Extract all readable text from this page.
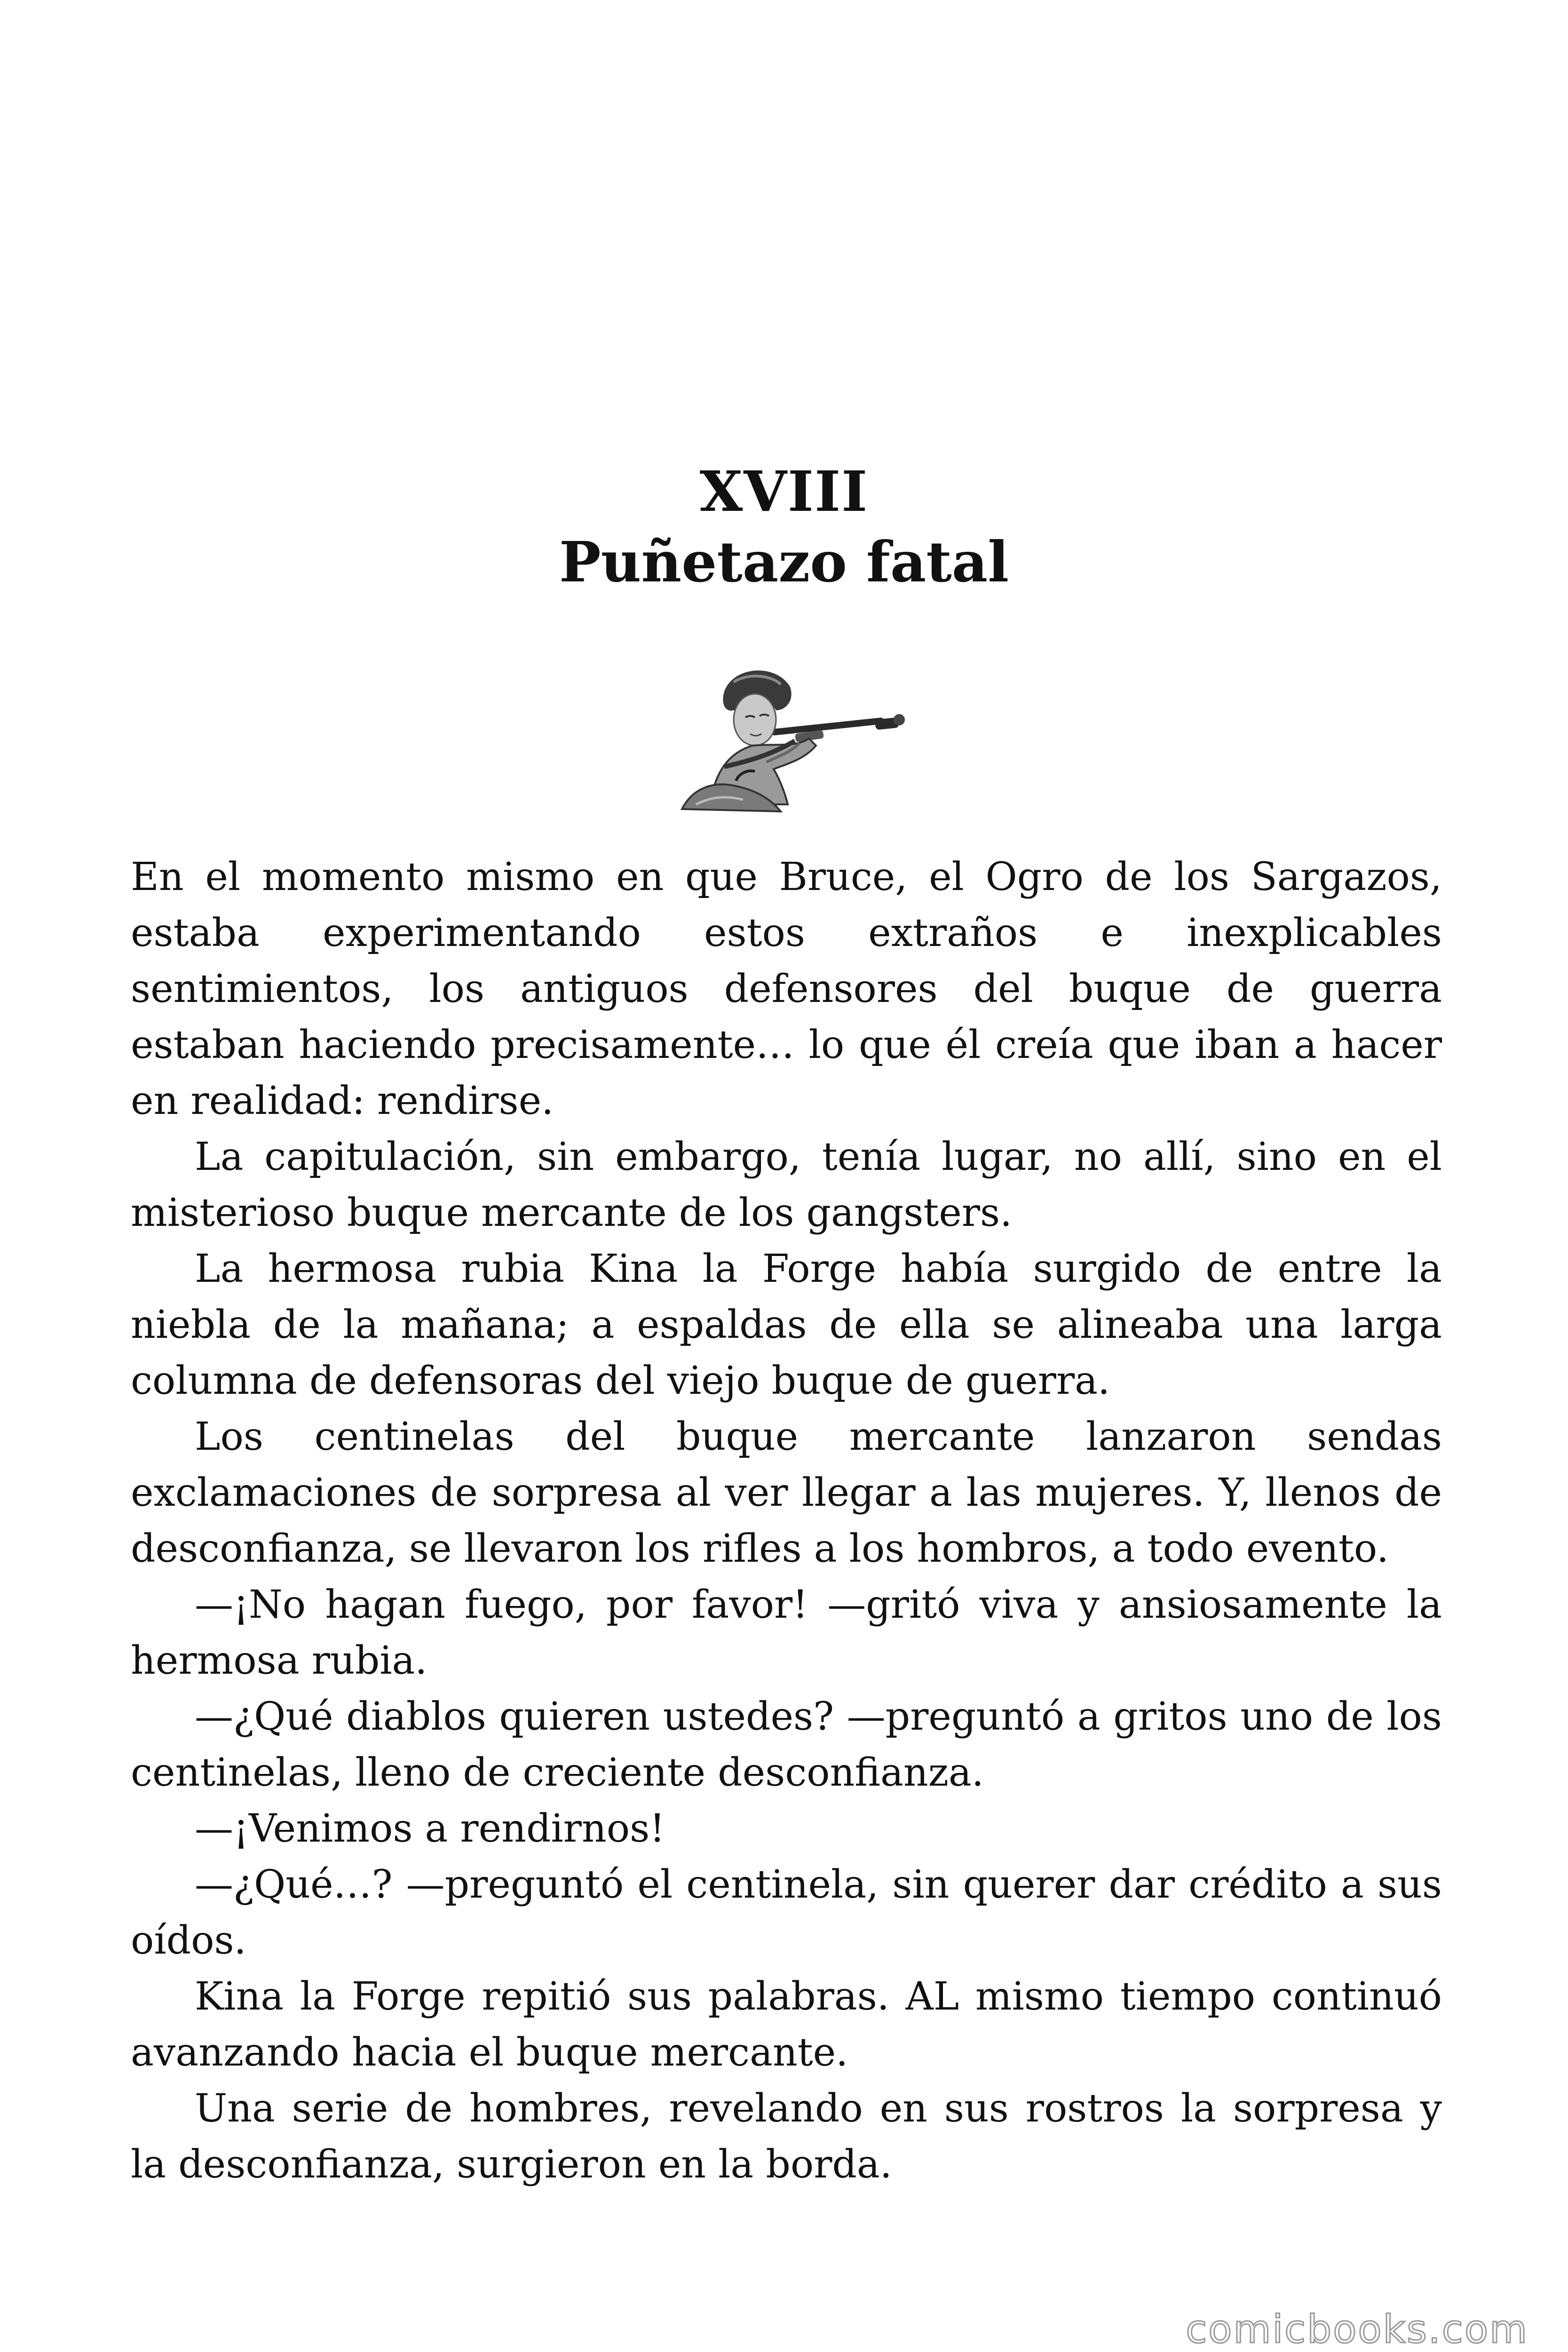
XVIII
Puñetazo fatal

En el momento mismo en que Bruce, el Ogro de los Sargazos, estaba experimentando estos extraños e inexplicables sentimientos, los antiguos defensores del buque de guerra estaban haciendo precisamente… lo que él creía que iban a hacer en realidad: rendirse.

La capitulación, sin embargo, tenía lugar, no allí, sino en el misterioso buque mercante de los gangsters.

La hermosa rubia Kina la Forge había surgido de entre la niebla de la mañana; a espaldas de ella se alineaba una larga columna de defensoras del viejo buque de guerra.

Los centinelas del buque mercante lanzaron sendas exclamaciones de sorpresa al ver llegar a las mujeres. Y, llenos de desconfianza, se llevaron los rifles a los hombros, a todo evento.

—¡No hagan fuego, por favor! —gritó viva y ansiosamente la hermosa rubia.

—¿Qué diablos quieren ustedes? —preguntó a gritos uno de los centinelas, lleno de creciente desconfianza.

—¡Venimos a rendirnos!

—¿Qué…? —preguntó el centinela, sin querer dar crédito a sus oídos.

Kina la Forge repitió sus palabras. AL mismo tiempo continuó avanzando hacia el buque mercante.

Una serie de hombres, revelando en sus rostros la sorpresa y la desconfianza, surgieron en la borda.

comicbooks.com
